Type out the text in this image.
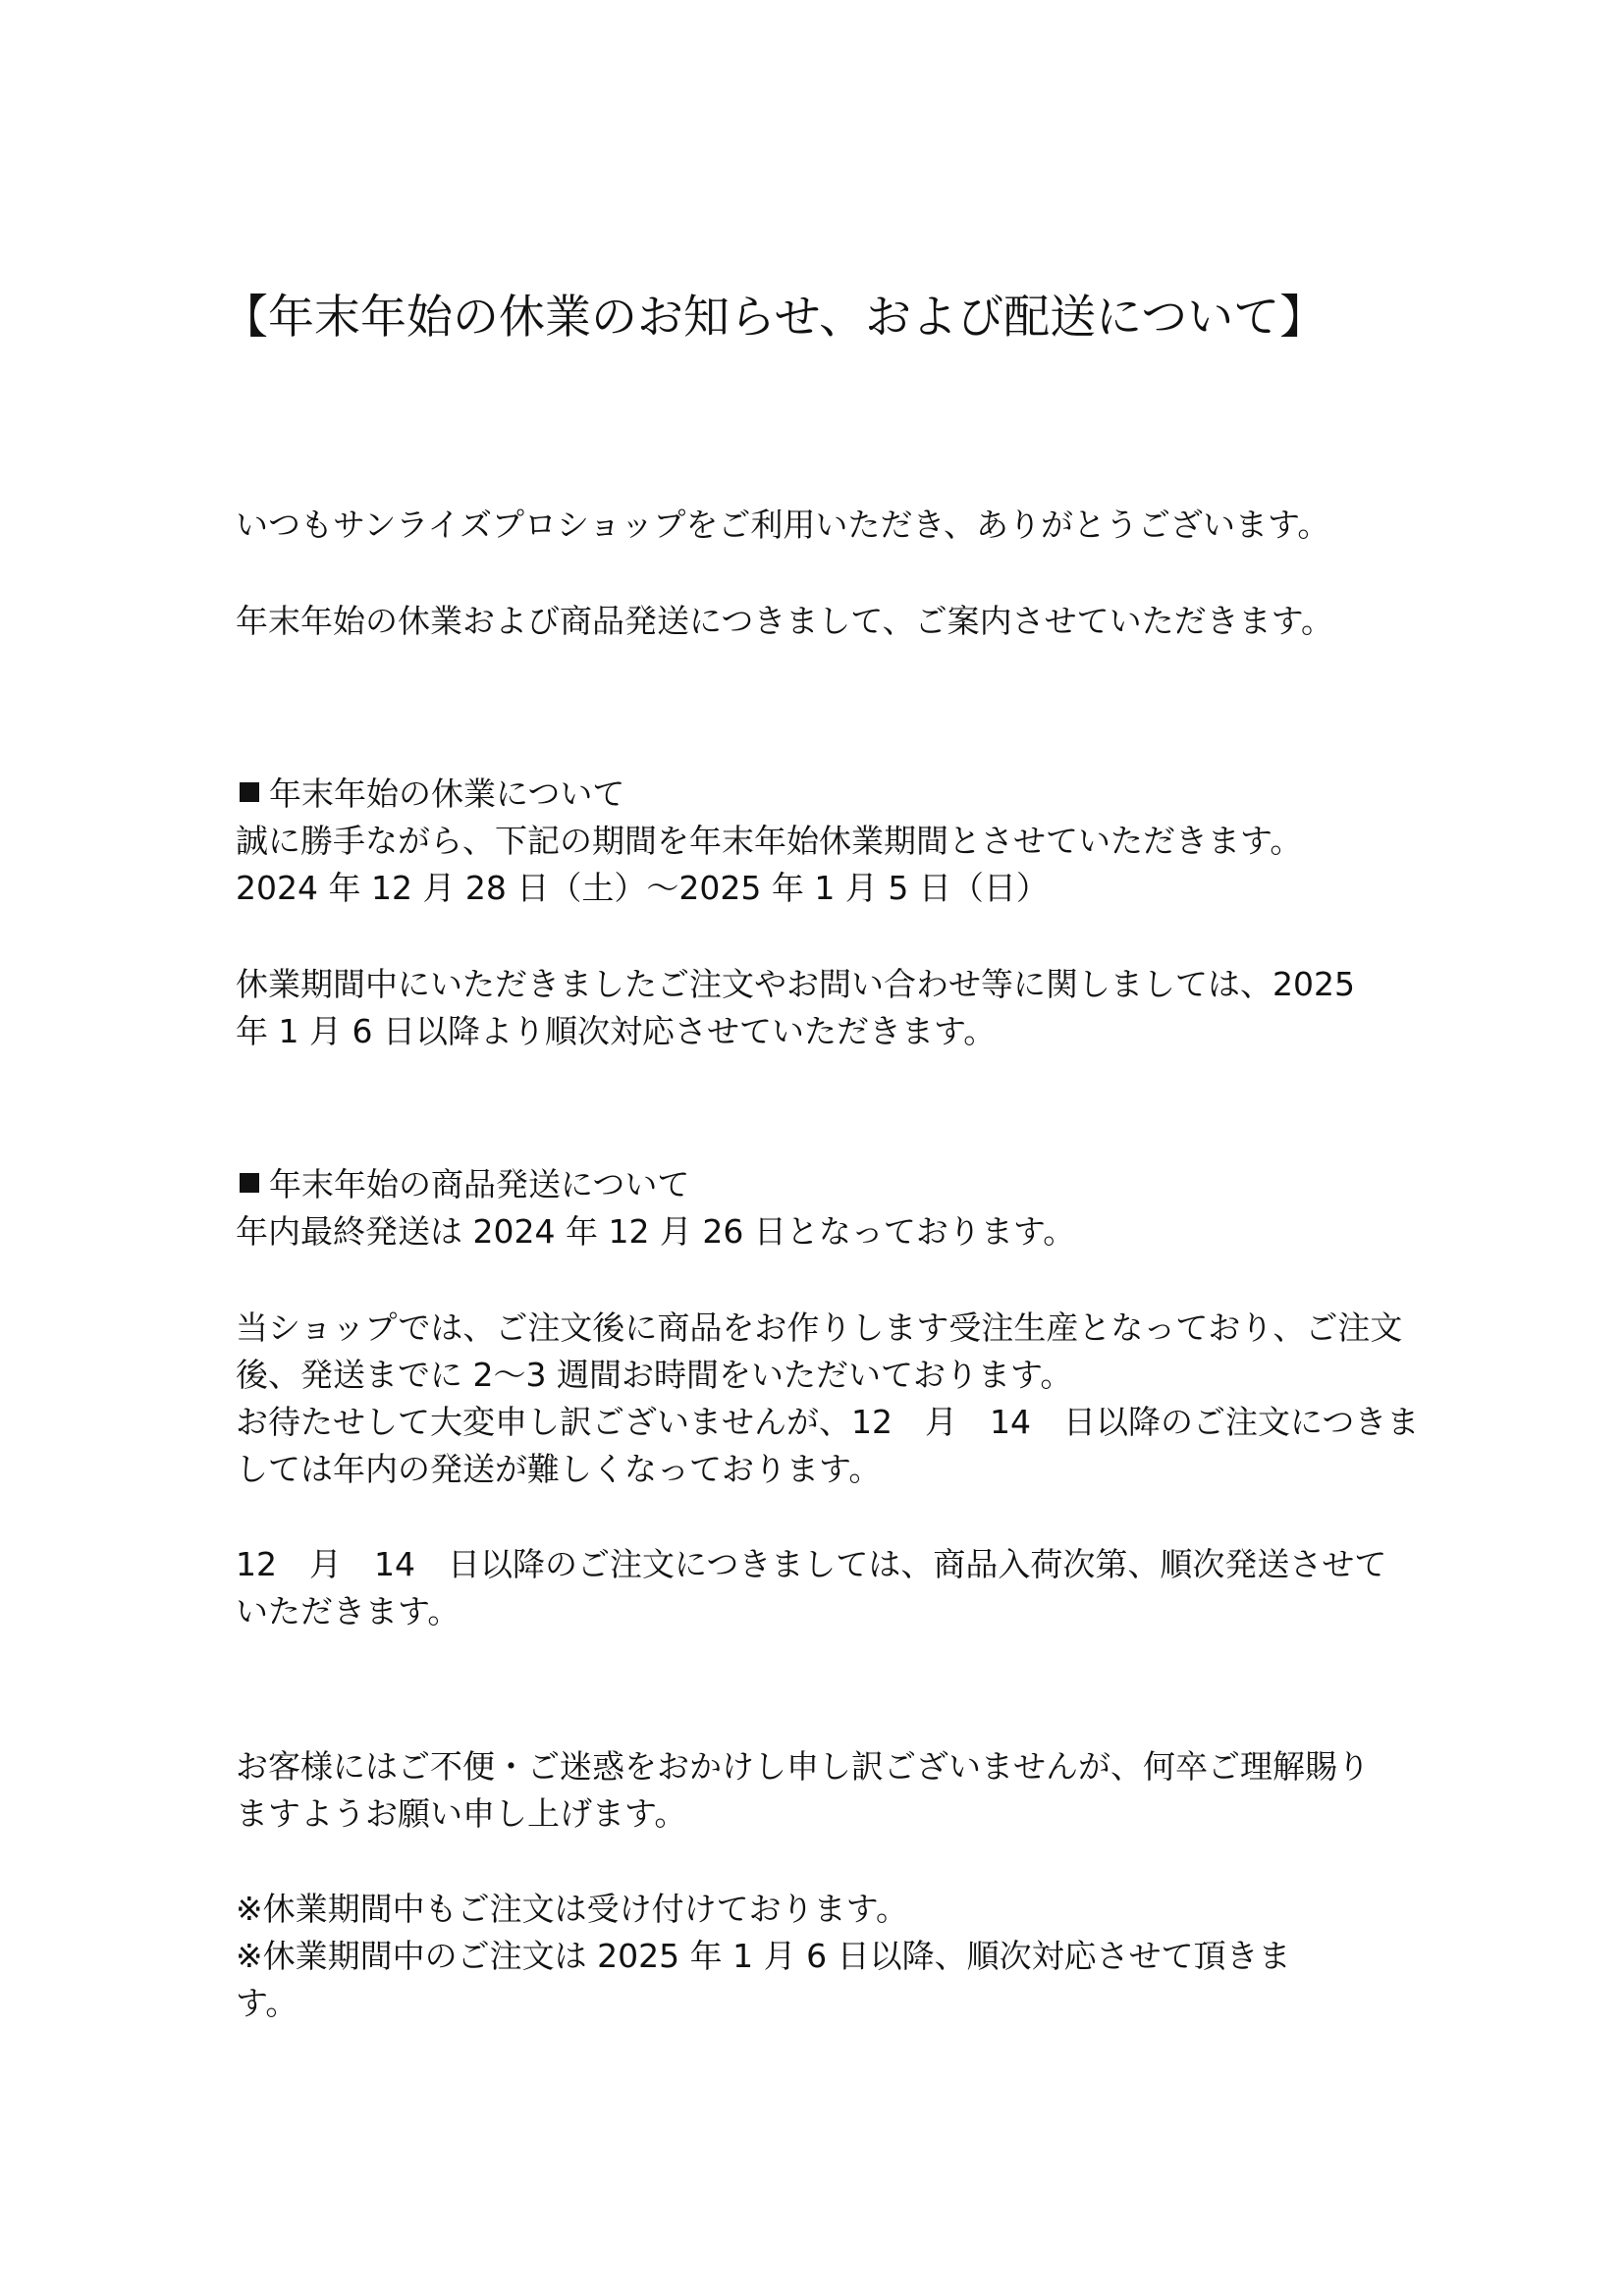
【年末年始の休業のお知らせ、および配送について】
いつもサンライズプロショップをご利用いただき、ありがとうございます。
年末年始の休業および商品発送につきまして、ご案内させていただきます。
年末年始の休業について
誠に勝手ながら、下記の期間を年末年始休業期間とさせていただきます。
2024 年 12 月 28 日（土）～2025 年 1 月 5 日（日）
休業期間中にいただきましたご注文やお問い合わせ等に関しましては、2025
年 1 月 6 日以降より順次対応させていただきます。
年末年始の商品発送について
年内最終発送は 2024 年 12 月 26 日となっております。
当ショップでは、ご注文後に商品をお作りします受注生産となっており、ご注文
後、発送までに 2～3 週間お時間をいただいております。
お待たせして大変申し訳ございませんが、12　月　14　日以降のご注文につきま
しては年内の発送が難しくなっております。
12　月　14　日以降のご注文につきましては、商品入荷次第、順次発送させて
いただきます。
お客様にはご不便・ご迷惑をおかけし申し訳ございませんが、何卒ご理解賜り
ますようお願い申し上げます。
※休業期間中もご注文は受け付けております。
※休業期間中のご注文は 2025 年 1 月 6 日以降、順次対応させて頂きま
す。
